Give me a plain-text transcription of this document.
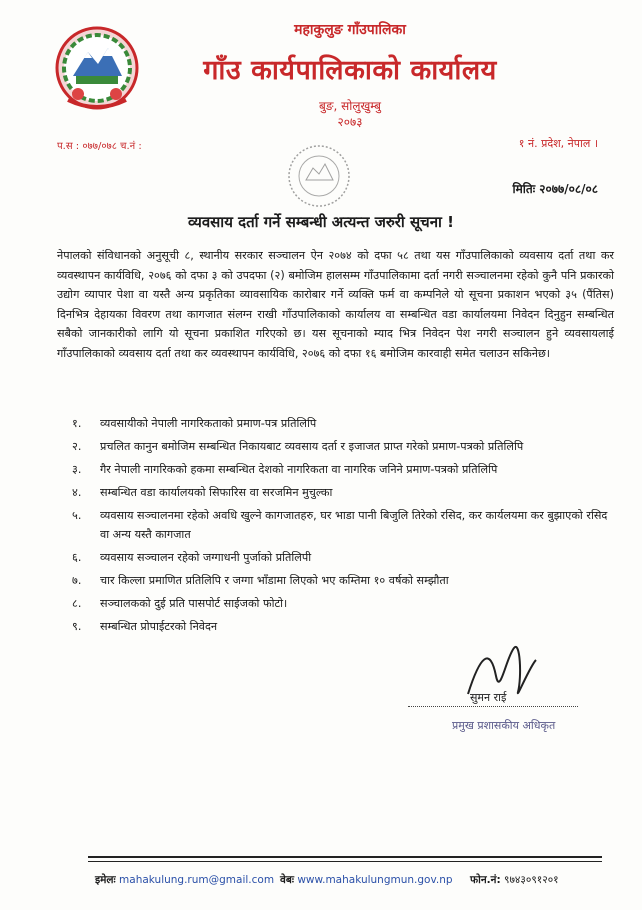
महाकुलुङ गाँउपालिका
गाँउ कार्यपालिकाको कार्यालय
बुङ, सोलुखुम्बु
२०७३
प.स : ०७७/०७८ च.नं :	१ नं. प्रदेश, नेपाल ।
मितिः २०७७/०८/०८
व्यवसाय दर्ता गर्ने सम्बन्धी अत्यन्त जरुरी सूचना !
नेपालको संविधानको अनुसूची ८, स्थानीय सरकार सञ्चालन ऐन २०७४ को दफा ५८ तथा यस गाँउपालिकाको व्यवसाय दर्ता तथा कर व्यवस्थापन कार्यविधि, २०७६ को दफा ३ को उपदफा (२) बमोजिम हालसम्म गाँउपालिकामा दर्ता नगरी सञ्चालनमा रहेको कुनै पनि प्रकारको उद्योग व्यापार पेशा वा यस्तै अन्य प्रकृतिका व्यावसायिक कारोबार गर्ने व्यक्ति फर्म वा कम्पनिले यो सूचना प्रकाशन भएको ३५ (पैंतिस) दिनभित्र देहायका विवरण तथा कागजात संलग्न राखी गाँउपालिकाको कार्यालय वा सम्बन्धित वडा कार्यालयमा निवेदन दिनुहुन सम्बन्धित सबैको जानकारीको लागि यो सूचना प्रकाशित गरिएको छ। यस सूचनाको म्याद भित्र निवेदन पेश नगरी सञ्चालन हुने व्यवसायलाई गाँउपालिकाको व्यवसाय दर्ता तथा कर व्यवस्थापन कार्यविधि, २०७६ को दफा १६ बमोजिम कारवाही समेत चलाउन सकिनेछ।
१.	व्यवसायीको नेपाली नागरिकताको प्रमाण-पत्र प्रतिलिपि
२.	प्रचलित कानुन बमोजिम सम्बन्धित निकायबाट व्यवसाय दर्ता र इजाजत प्राप्त गरेको प्रमाण-पत्रको प्रतिलिपि
३.	गैर नेपाली नागरिकको हकमा सम्बन्धित देशको नागरिकता वा नागरिक जनिने प्रमाण-पत्रको प्रतिलिपि
४.	सम्बन्धित वडा कार्यालयको सिफारिस वा सरजमिन मुचुल्का
५.	व्यवसाय सञ्चालनमा रहेको अवधि खुल्ने कागजातहरु, घर भाडा पानी बिजुलि तिरेको रसिद, कर कार्यलयमा कर बुझाएको रसिद वा अन्य यस्तै कागजात
६.	व्यवसाय सञ्चालन रहेको जग्गाधनी पुर्जाको प्रतिलिपी
७.	चार किल्ला प्रमाणित प्रतिलिपि र जग्गा भाँडामा लिएको भए कम्तिमा १० वर्षको सम्झौता
८.	सञ्चालकको दुई प्रति पासपोर्ट साईजको फोटो।
९.	सम्बन्धित प्रोपाईटरको निवेदन
सुमन राई
प्रमुख प्रशासकीय अधिकृत
इमेलः mahakulung.rum@gmail.com वेबः www.mahakulungmun.gov.np फोन.नं: ९७४३०९१२०१
